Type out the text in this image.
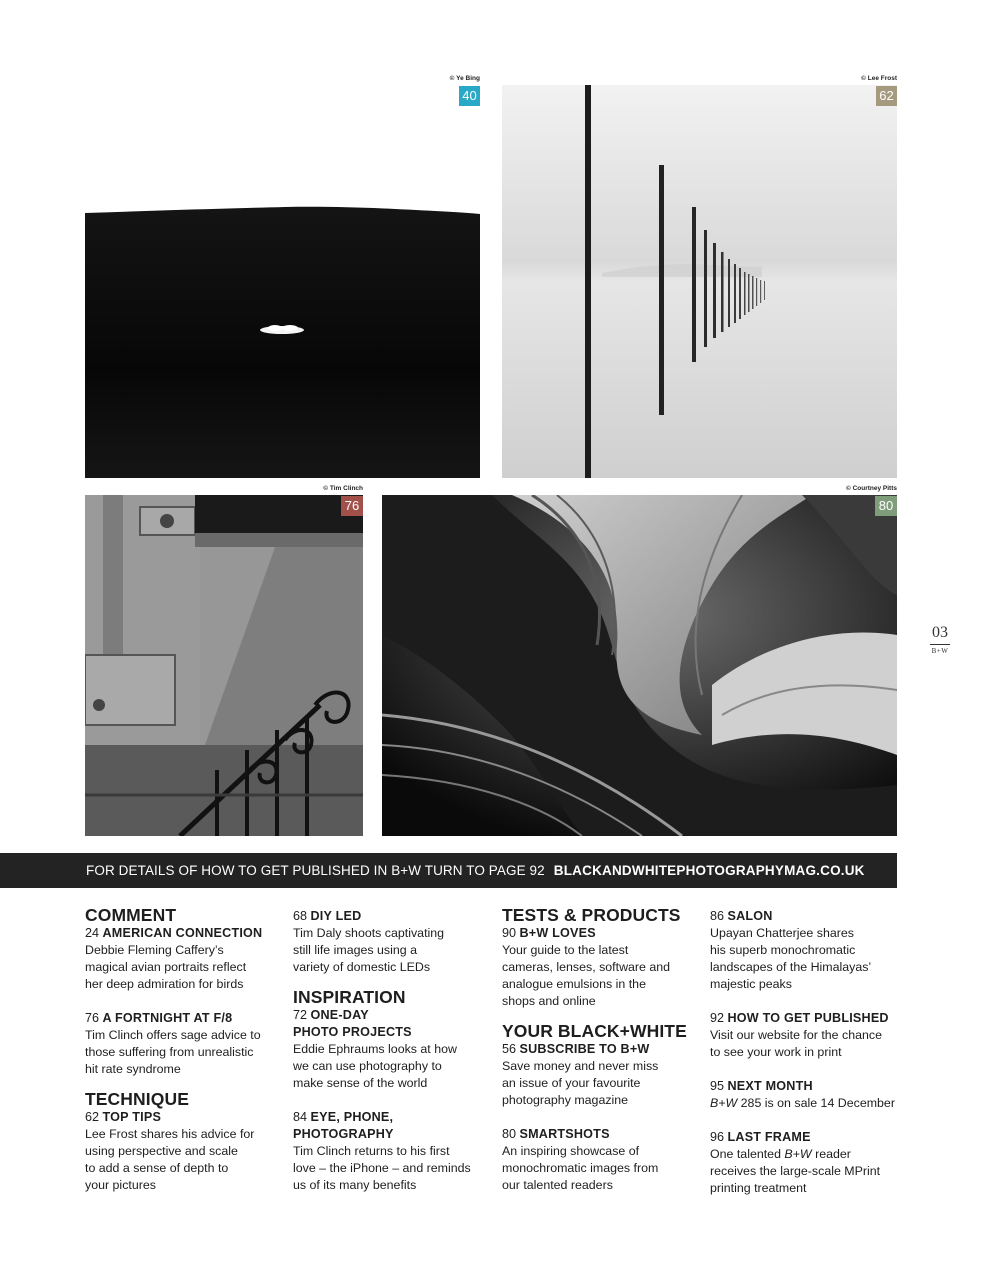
© Ye Bing
40
© Lee Frost
62
© Tim Clinch
76
© Courtney Pitts
80
03
B+W
FOR DETAILS OF HOW TO GET PUBLISHED IN B+W TURN TO PAGE 92 BLACKANDWHITEPHOTOGRAPHYMAG.CO.UK
COMMENT
24 AMERICAN CONNECTION
Debbie Fleming Caffery’s
magical avian portraits reflect
her deep admiration for birds
76 A FORTNIGHT AT F/8
Tim Clinch offers sage advice to
those suffering from unrealistic
hit rate syndrome
TECHNIQUE
62 TOP TIPS
Lee Frost shares his advice for
using perspective and scale
to add a sense of depth to
your pictures
68 DIY LED
Tim Daly shoots captivating
still life images using a
variety of domestic LEDs
INSPIRATION
72 ONE-DAY
PHOTO PROJECTS
Eddie Ephraums looks at how
we can use photography to
make sense of the world
84 EYE, PHONE,
PHOTOGRAPHY
Tim Clinch returns to his first
love – the iPhone – and reminds
us of its many benefits
TESTS & PRODUCTS
90 B+W LOVES
Your guide to the latest
cameras, lenses, software and
analogue emulsions in the
shops and online
YOUR BLACK+WHITE
56 SUBSCRIBE TO B+W
Save money and never miss
an issue of your favourite
photography magazine
80 SMARTSHOTS
An inspiring showcase of
monochromatic images from
our talented readers
86 SALON
Upayan Chatterjee shares
his superb monochromatic
landscapes of the Himalayas’
majestic peaks
92 HOW TO GET PUBLISHED
Visit our website for the chance
to see your work in print
95 NEXT MONTH
B+W 285 is on sale 14 December
96 LAST FRAME
One talented B+W reader
receives the large-scale MPrint
printing treatment
